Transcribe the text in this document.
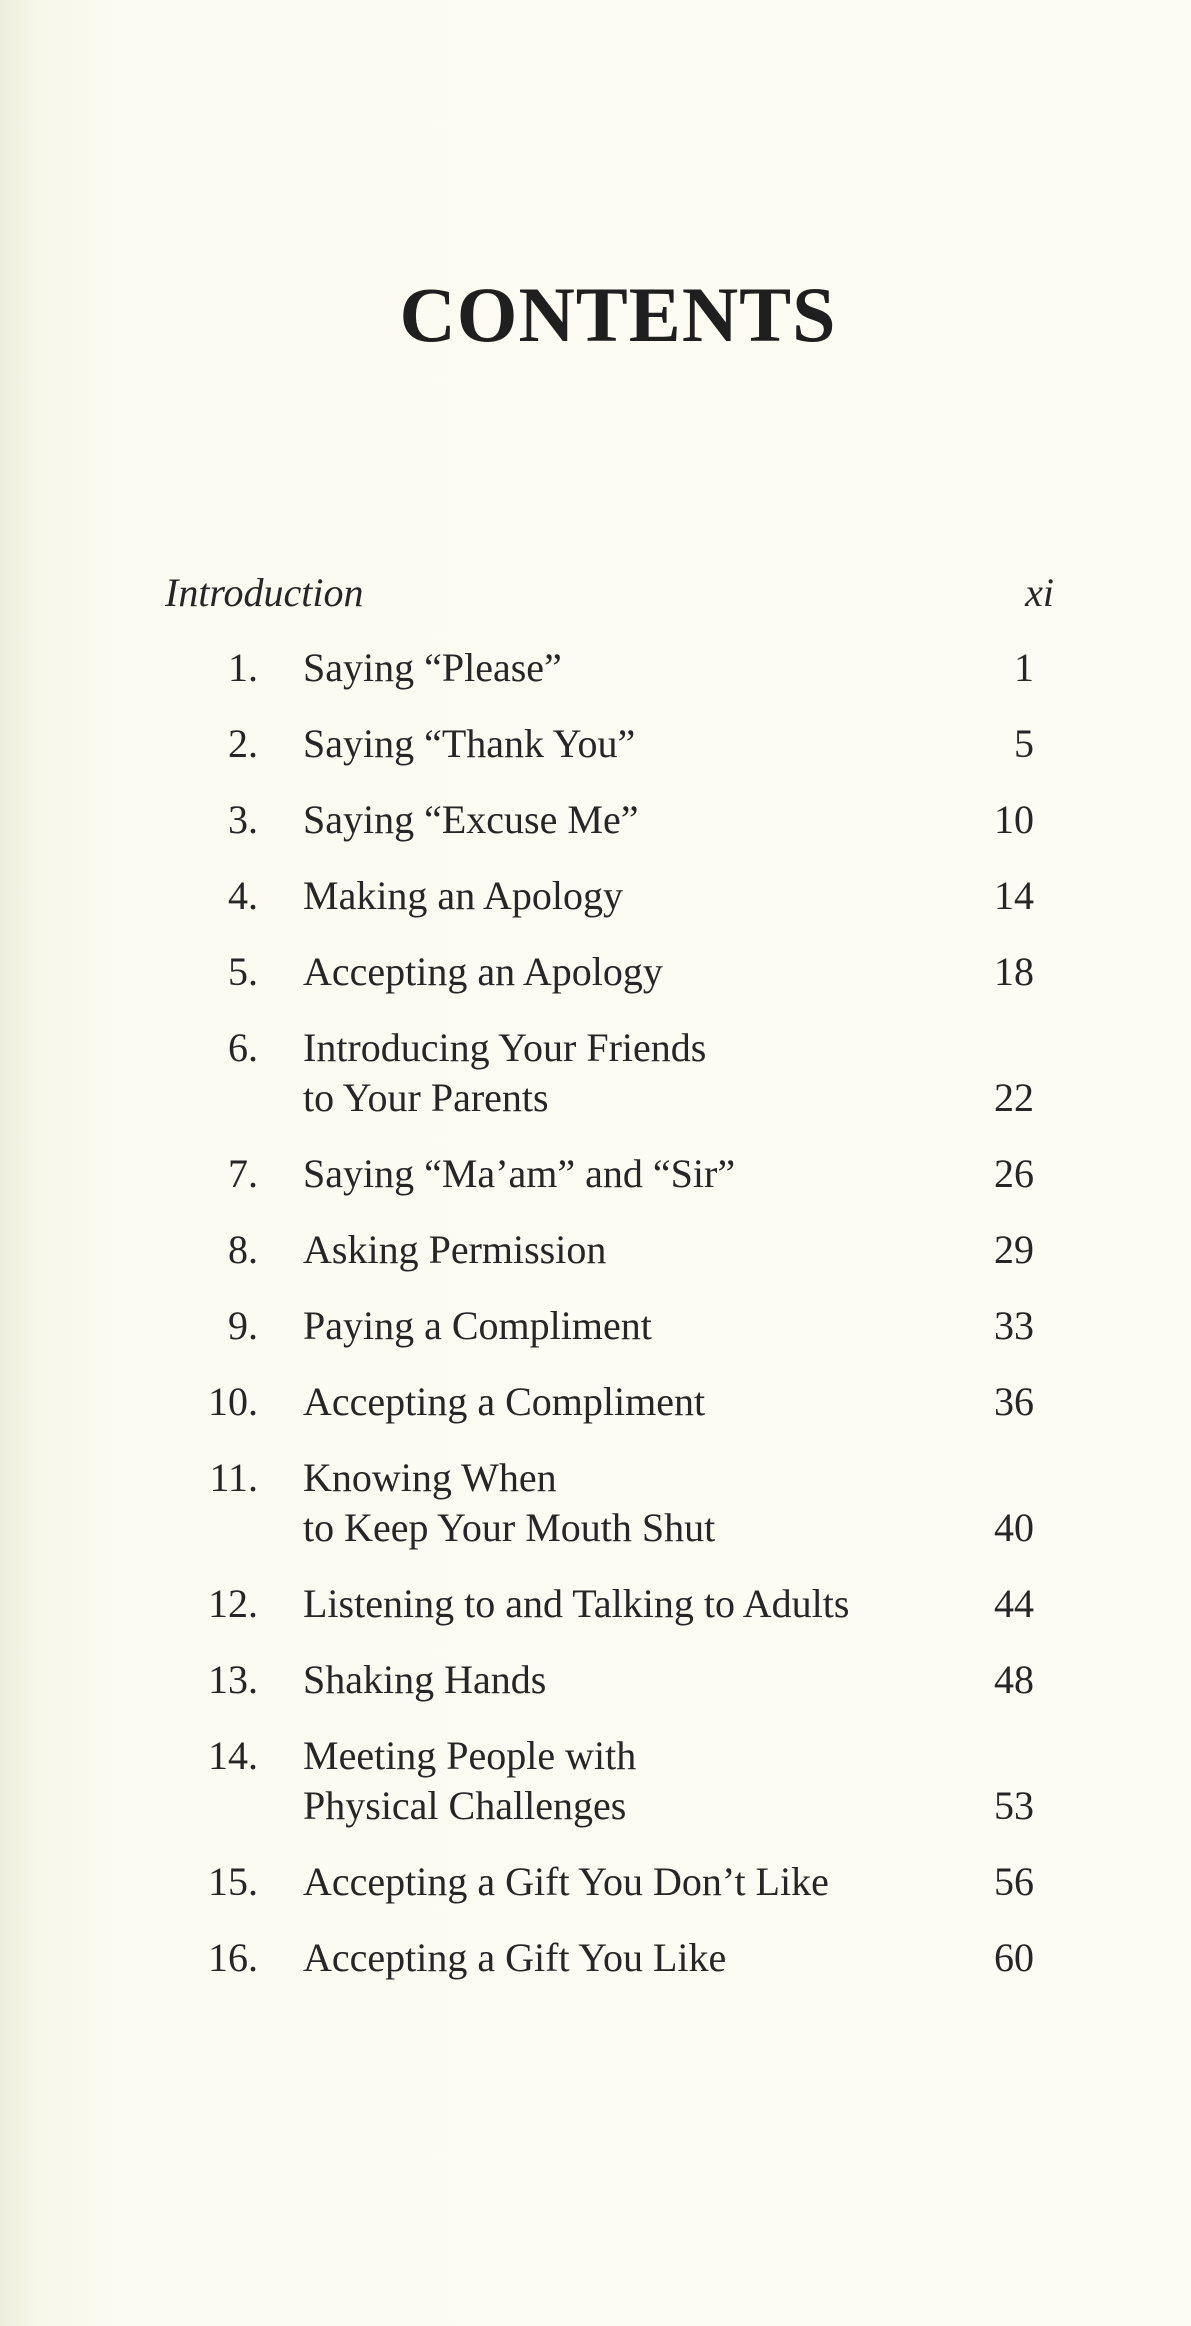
CONTENTS
Introduction	xi
1. Saying “Please”	1
2. Saying “Thank You”	5
3. Saying “Excuse Me”	10
4. Making an Apology	14
5. Accepting an Apology	18
6. Introducing Your Friends
to Your Parents	22
7. Saying “Ma’am” and “Sir”	26
8. Asking Permission	29
9. Paying a Compliment	33
10. Accepting a Compliment	36
11. Knowing When
to Keep Your Mouth Shut	40
12. Listening to and Talking to Adults	44
13. Shaking Hands	48
14. Meeting People with
Physical Challenges	53
15. Accepting a Gift You Don’t Like	56
16. Accepting a Gift You Like	60
